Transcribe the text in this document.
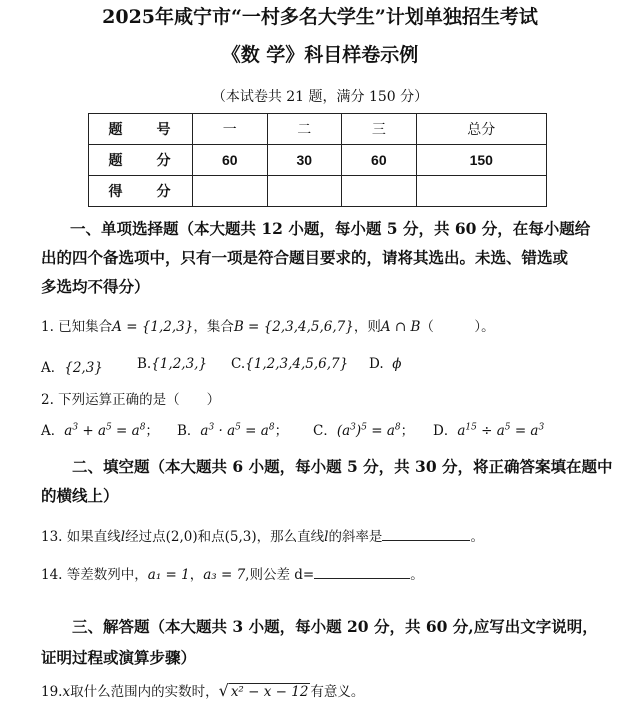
2025年咸宁市“一村多名大学生”计划单独招生考试
《数 学》科目样卷示例
（本试卷共 21 题，满分 150 分）
题　号	一	二	三	总分
题　分	60	30	60	150
得　分				
一、单项选择题（本大题共 12 小题，每小题 5 分，共 60 分，在每小题给
出的四个备选项中，只有一项是符合题目要求的，请将其选出。未选、错选或
多选均不得分）
1. 已知集合A = {1,2,3}，集合B = {2,3,4,5,6,7}，则A ∩ B（　　　）。
A．{2,3}	B.{1,2,3,} C.{1,2,3,4,5,6,7} D. ϕ
2. 下列运算正确的是（　　）
A．$a^3 + a^5 = a^8$； B．$a^3 \cdot a^5 = a^8$； C．$(a^3)^5 = a^8$； D．$a^{15} \div a^5 = a^3$
二、填空题（本大题共 6 小题，每小题 5 分，共 30 分，将正确答案填在题中
的横线上）
13. 如果直线l经过点(2,0)和点(5,3)，那么直线l的斜率是	。
14. 等差数列中，a₁ = 1，a₃ = 7,则公差 d=	。
三、解答题（本大题共 3 小题，每小题 20 分，共 60 分,应写出文字说明，
证明过程或演算步骤）
19.x取什么范围内的实数时，√ x² − x − 12 有意义。
